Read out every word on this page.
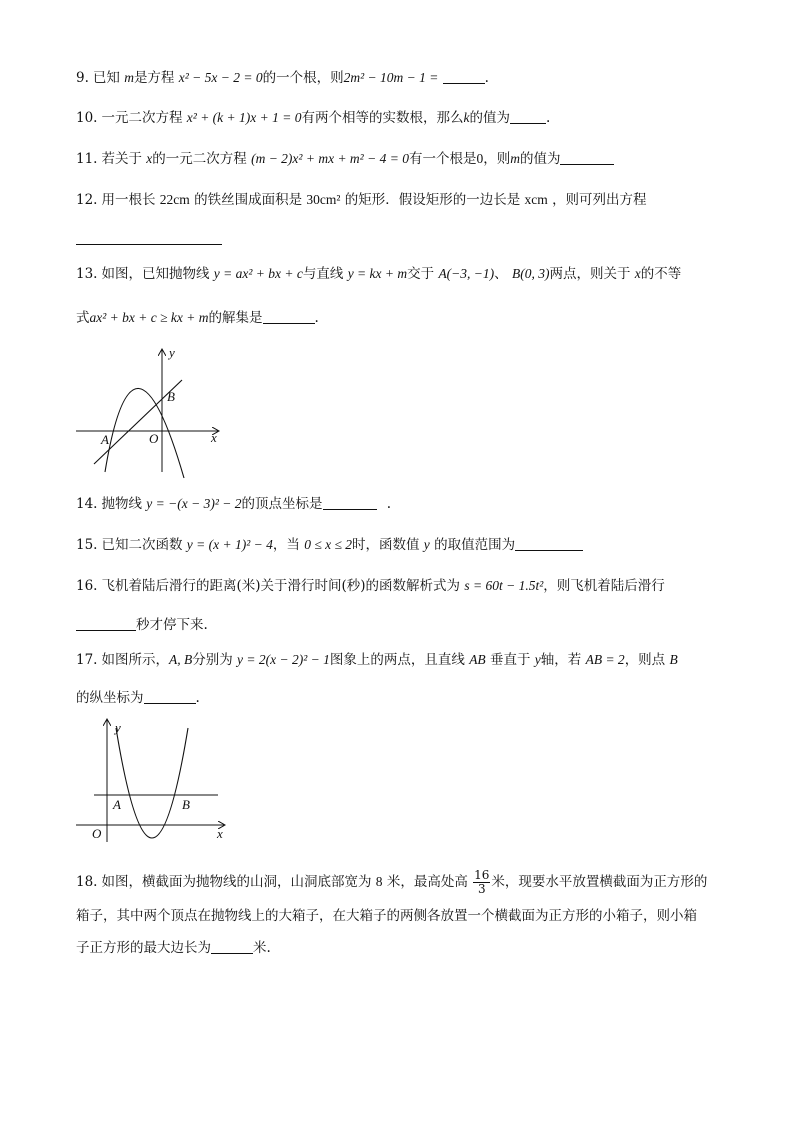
9. 已知 m是方程 x² − 5x − 2 = 0的一个根，则2m² − 10m − 1 =	.
10. 一元二次方程 x² + (k + 1)x + 1 = 0有两个相等的实数根，那么k的值为	.
11. 若关于 x的一元二次方程 (m − 2)x² + mx + m² − 4 = 0有一个根是0，则m的值为
12. 用一根长 22cm 的铁丝围成面积是 30cm² 的矩形．假设矩形的一边长是 xcm ，则可列出方程
13. 如图，已知抛物线 y = ax² + bx + c与直线 y = kx + m交于 A(−3, −1)、 B(0, 3)两点，则关于 x的不等
式ax² + bx + c ≥ kx + m的解集是	.
y
x
B
A	O
14. 抛物线 y = −(x − 3)² − 2的顶点坐标是	.
15. 已知二次函数 y = (x + 1)² − 4，当 0 ≤ x ≤ 2时，函数值 y 的取值范围为
16. 飞机着陆后滑行的距离(米)关于滑行时间(秒)的函数解析式为 s = 60t − 1.5t²，则飞机着陆后滑行
秒才停下来.
17. 如图所示，A, B分别为 y = 2(x − 2)² − 1图象上的两点，且直线 AB 垂直于 y轴，若 AB = 2，则点 B
的纵坐标为	.
y
x
A	B
O
18. 如图，横截面为抛物线的山洞，山洞底部宽为 8 米，最高处高 $\frac{16}{3}$ 米，现要水平放置横截面为正方形的
箱子，其中两个顶点在抛物线上的大箱子，在大箱子的两侧各放置一个横截面为正方形的小箱子，则小箱
子正方形的最大边长为	米.
